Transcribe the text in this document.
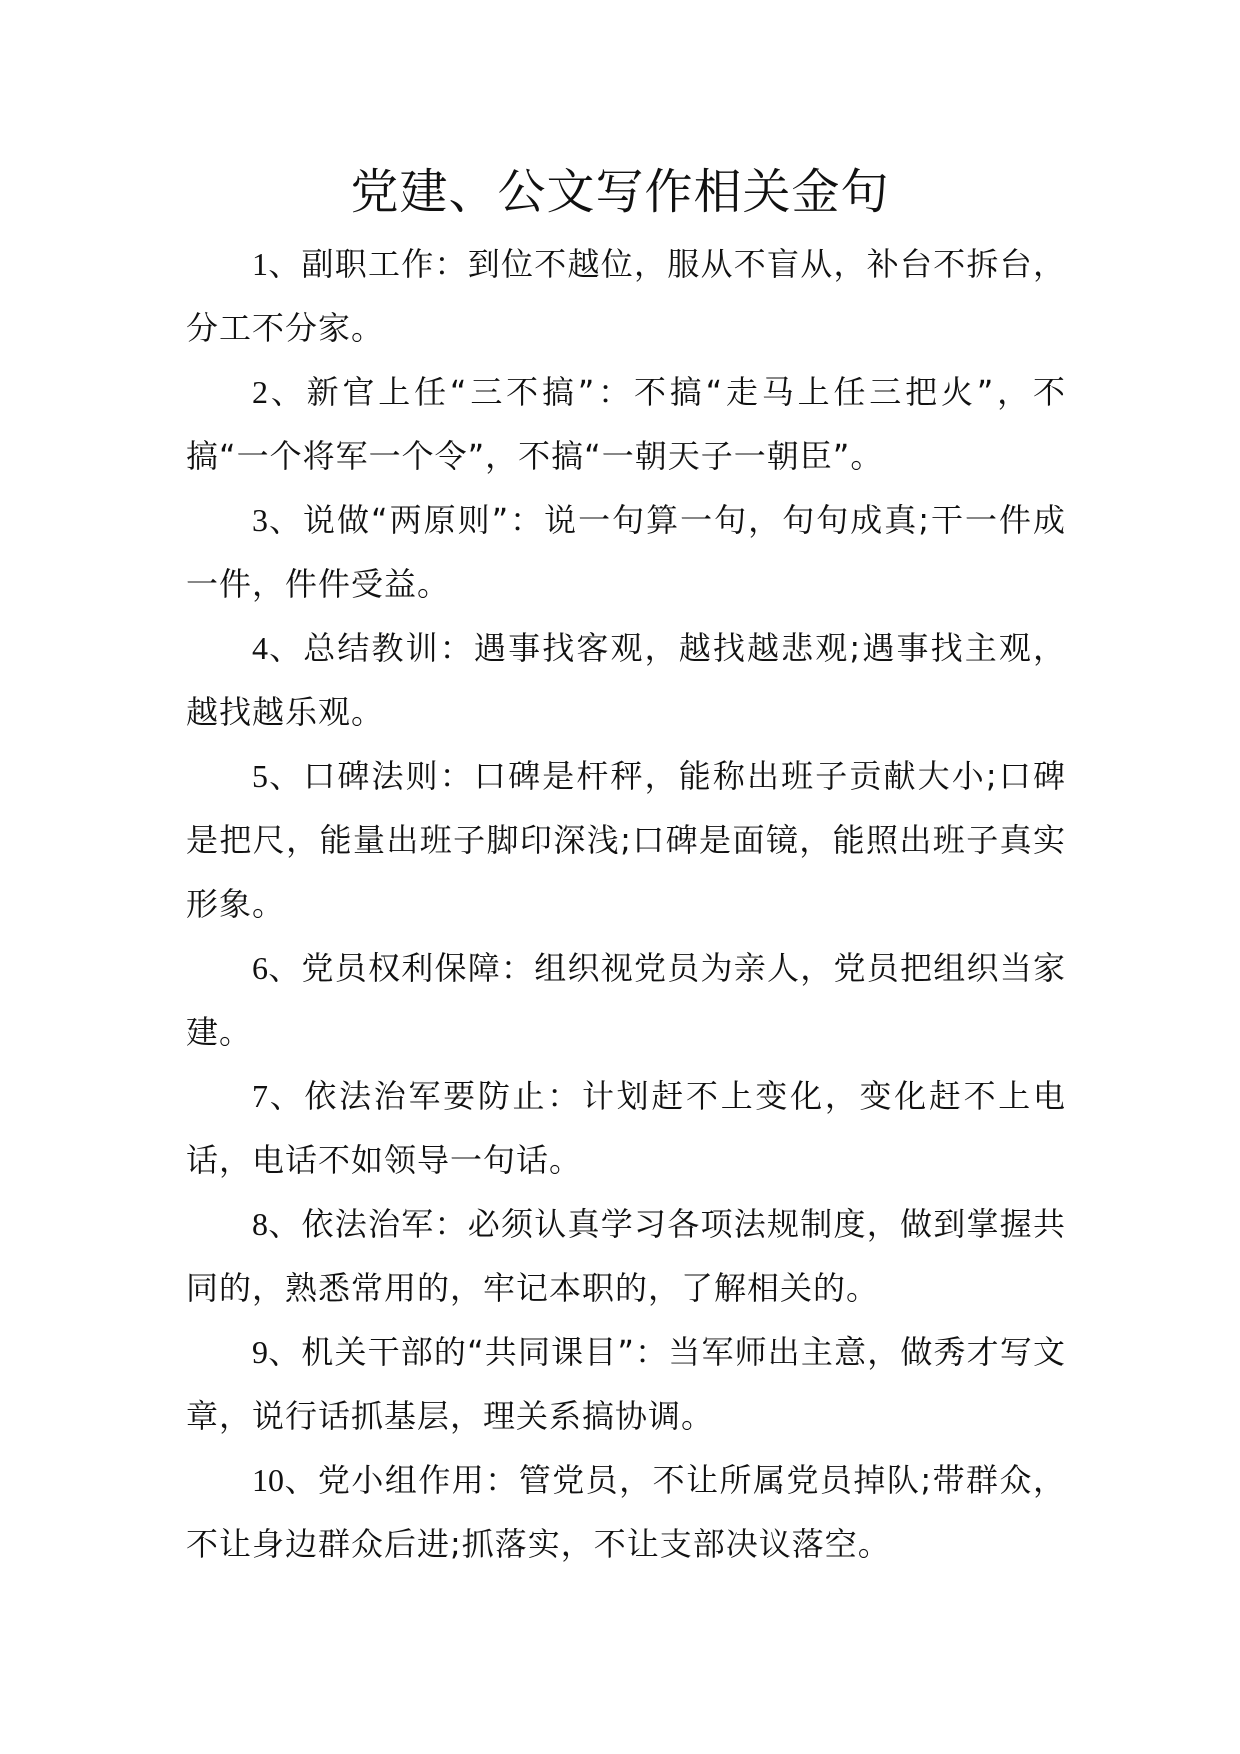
党建、公文写作相关金句

1、副职工作：到位不越位，服从不盲从，补台不拆台，分工不分家。

2、新官上任“三不搞”：不搞“走马上任三把火”，不搞“一个将军一个令”，不搞“一朝天子一朝臣”。

3、说做“两原则”：说一句算一句，句句成真;干一件成一件，件件受益。

4、总结教训：遇事找客观，越找越悲观;遇事找主观，越找越乐观。

5、口碑法则：口碑是杆秤，能称出班子贡献大小;口碑是把尺，能量出班子脚印深浅;口碑是面镜，能照出班子真实形象。

6、党员权利保障：组织视党员为亲人，党员把组织当家建。

7、依法治军要防止：计划赶不上变化，变化赶不上电话，电话不如领导一句话。

8、依法治军：必须认真学习各项法规制度，做到掌握共同的，熟悉常用的，牢记本职的，了解相关的。

9、机关干部的“共同课目”：当军师出主意，做秀才写文章，说行话抓基层，理关系搞协调。

10、党小组作用：管党员，不让所属党员掉队;带群众，不让身边群众后进;抓落实，不让支部决议落空。
